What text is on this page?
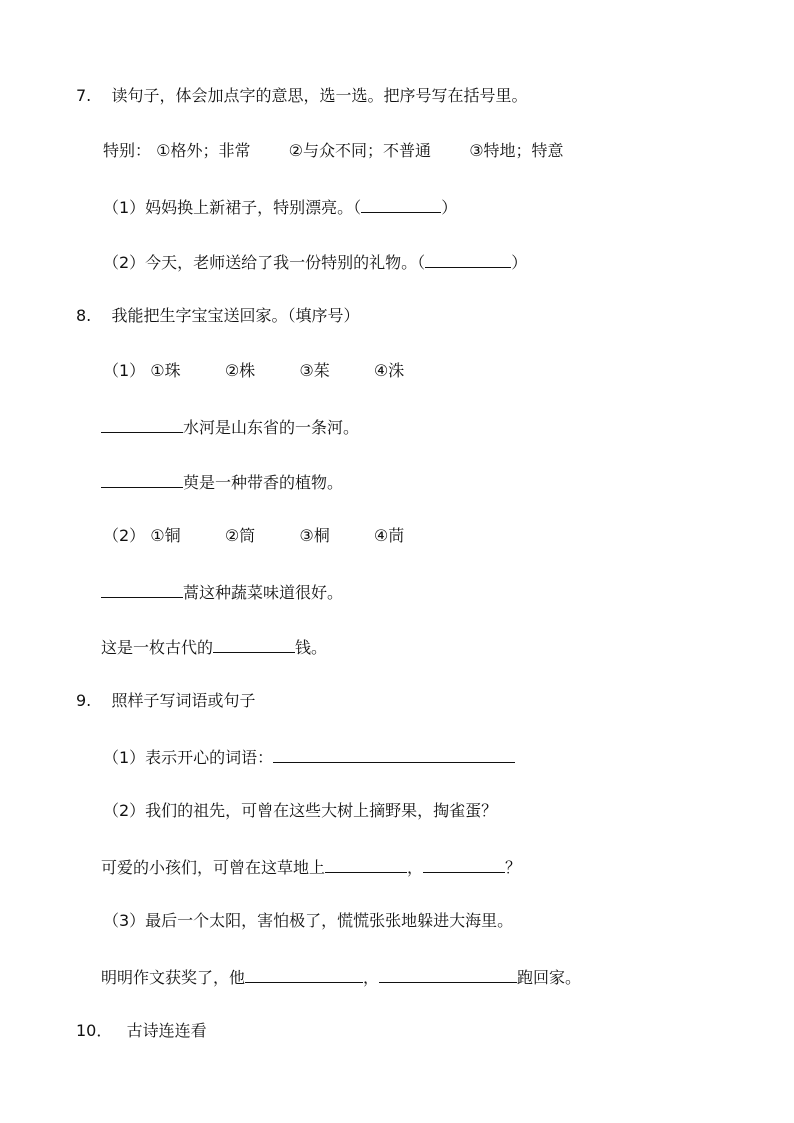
7. 读句子，体会加点字的意思，选一选。把序号写在括号里。
特别： ①格外；非常 ②与众不同；不普通 ③特地；特意
（1）妈妈换上新裙子，特别漂亮。（	）
（2）今天，老师送给了我一份特别的礼物。（	）
8. 我能把生字宝宝送回家。（填序号）
（1） ①珠	②株	③茱	④洙
水河是山东省的一条河。
萸是一种带香的植物。
（2） ①铜	②筒	③桐	④茼
蒿这种蔬菜味道很好。
这是一枚古代的	钱。
9. 照样子写词语或句子
（1）表示开心的词语：
（2）我们的祖先，可曾在这些大树上摘野果，掏雀蛋？
可爱的小孩们，可曾在这草地上	，	？
（3）最后一个太阳，害怕极了，慌慌张张地躲进大海里。
明明作文获奖了，他	，	跑回家。
10． 古诗连连看
